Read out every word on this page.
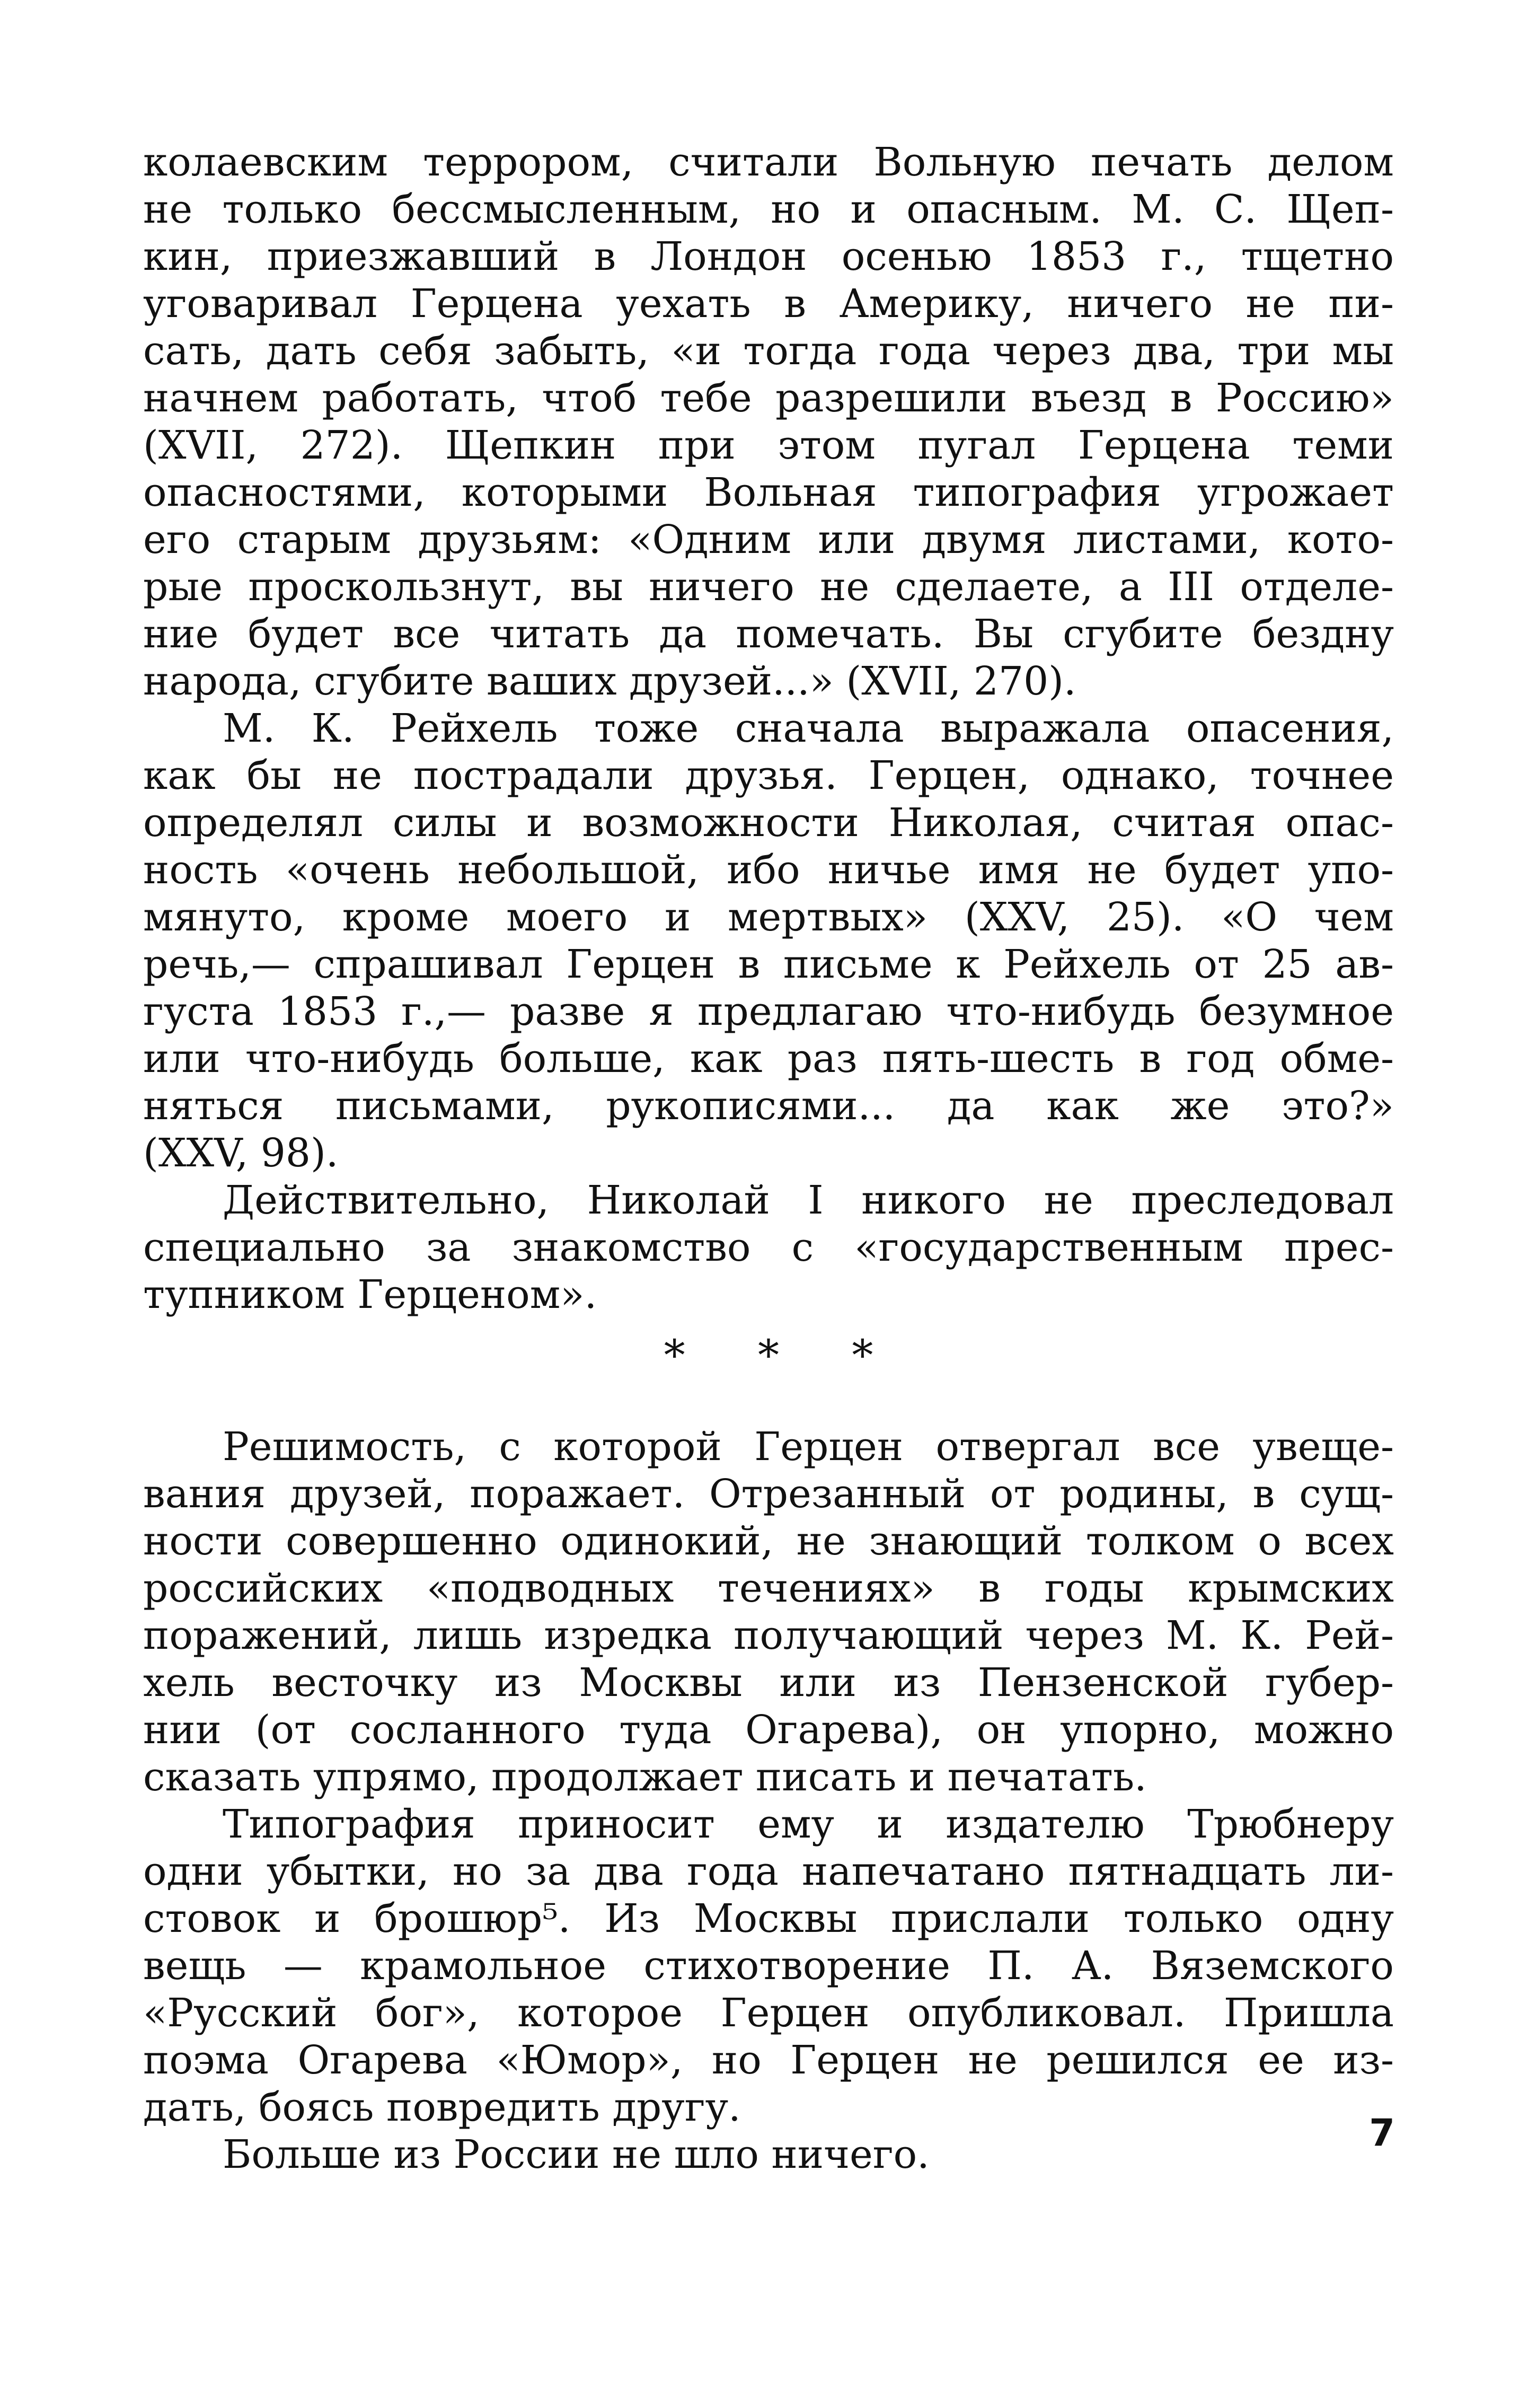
колаевским террором, считали Вольную печать делом
не только бессмысленным, но и опасным. М. С. Щеп-
кин, приезжавший в Лондон осенью 1853 г., тщетно
уговаривал Герцена уехать в Америку, ничего не пи-
сать, дать себя забыть, «и тогда года через два, три мы
начнем работать, чтоб тебе разрешили въезд в Россию»
(XVII, 272). Щепкин при этом пугал Герцена теми
опасностями, которыми Вольная типография угрожает
его старым друзьям: «Одним или двумя листами, кото-
рые проскользнут, вы ничего не сделаете, а III отделе-
ние будет все читать да помечать. Вы сгубите бездну
народа, сгубите ваших друзей...» (XVII, 270).
М. К. Рейхель тоже сначала выражала опасения,
как бы не пострадали друзья. Герцен, однако, точнее
определял силы и возможности Николая, считая опас-
ность «очень небольшой, ибо ничье имя не будет упо-
мянуто, кроме моего и мертвых» (XXV, 25). «О чем
речь,— спрашивал Герцен в письме к Рейхель от 25 ав-
густа 1853 г.,— разве я предлагаю что-нибудь безумное
или что-нибудь больше, как раз пять-шесть в год обме-
няться письмами, рукописями... да как же это?»
(XXV, 98).
Действительно, Николай I никого не преследовал
специально за знакомство с «государственным прес-
тупником Герценом».
* * *
Решимость, с которой Герцен отвергал все увеще-
вания друзей, поражает. Отрезанный от родины, в сущ-
ности совершенно одинокий, не знающий толком о всех
российских «подводных течениях» в годы крымских
поражений, лишь изредка получающий через М. К. Рей-
хель весточку из Москвы или из Пензенской губер-
нии (от сосланного туда Огарева), он упорно, можно
сказать упрямо, продолжает писать и печатать.
Типография приносит ему и издателю Трюбнеру
одни убытки, но за два года напечатано пятнадцать ли-
стовок и брошюр⁵. Из Москвы прислали только одну
вещь — крамольное стихотворение П. А. Вяземского
«Русский бог», которое Герцен опубликовал. Пришла
поэма Огарева «Юмор», но Герцен не решился ее из-
дать, боясь повредить другу.
Больше из России не шло ничего.	7
